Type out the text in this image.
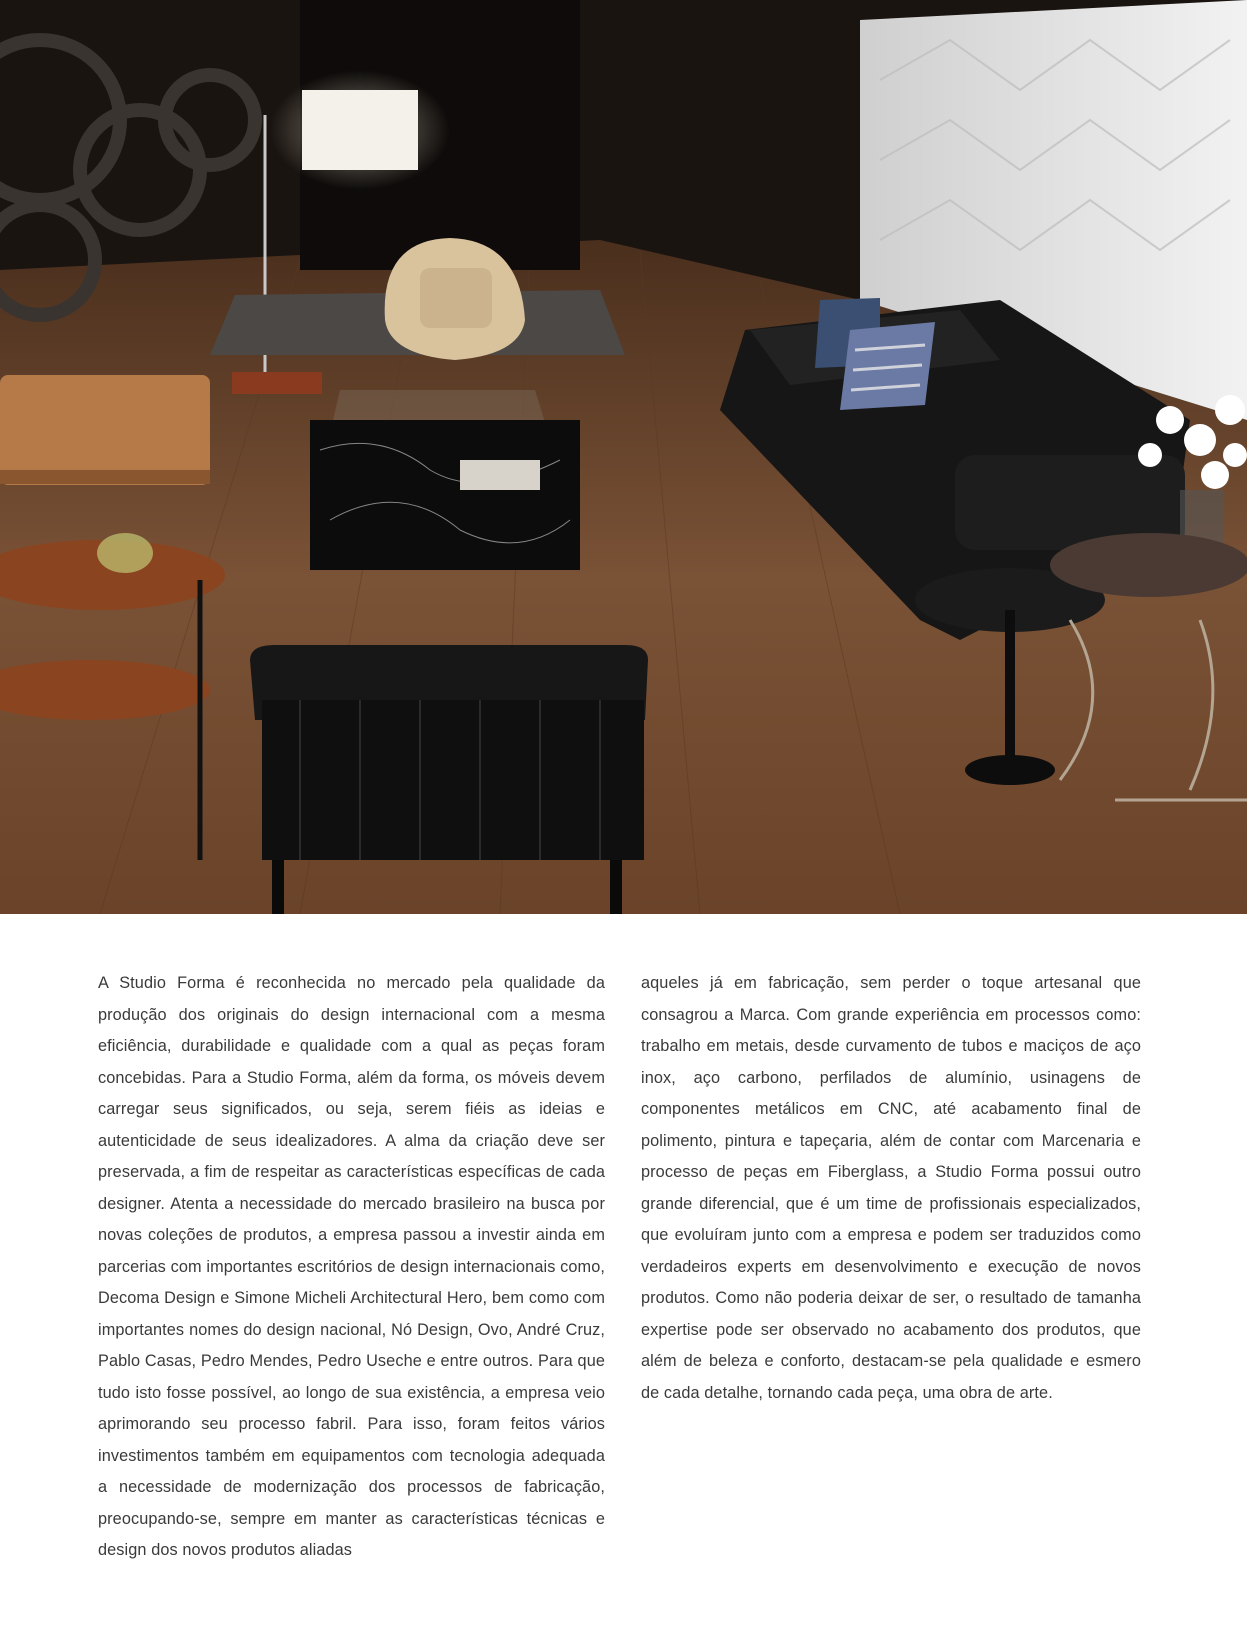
A Studio Forma é reconhecida no mercado pela qualidade da produção dos originais do design internacional com a mesma eficiência, durabilidade e qualidade com a qual as peças foram concebidas. Para a Studio Forma, além da forma, os móveis devem carregar seus significados, ou seja, serem fiéis as ideias e autenticidade de seus idealizadores. A alma da criação deve ser preservada, a fim de respeitar as características específicas de cada designer. Atenta a necessidade do mercado brasileiro na busca por novas coleções de produtos, a empresa passou a investir ainda em parcerias com importantes escritórios de design internacionais como, Decoma Design e Simone Micheli Architectural Hero, bem como com importantes nomes do design nacional, Nó Design, Ovo, André Cruz, Pablo Casas, Pedro Mendes, Pedro Useche e entre outros. Para que tudo isto fosse possível, ao longo de sua existência, a empresa veio aprimorando seu processo fabril. Para isso, foram feitos vários investimentos também em equipamentos com tecnologia adequada a necessidade de modernização dos processos de fabricação, preocupando-se, sempre em manter as características técnicas e design dos novos produtos aliadas
aqueles já em fabricação, sem perder o toque artesanal que consagrou a Marca. Com grande experiência em processos como: trabalho em metais, desde curvamento de tubos e maciços de aço inox, aço carbono, perfilados de alumínio, usinagens de componentes metálicos em CNC, até acabamento final de polimento, pintura e tapeçaria, além de contar com Marcenaria e processo de peças em Fiberglass, a Studio Forma possui outro grande diferencial, que é um time de profissionais especializados, que evoluíram junto com a empresa e podem ser traduzidos como verdadeiros experts em desenvolvimento e execução de novos produtos. Como não poderia deixar de ser, o resultado de tamanha expertise pode ser observado no acabamento dos produtos, que além de beleza e conforto, destacam-se pela qualidade e esmero de cada detalhe, tornando cada peça, uma obra de arte.
